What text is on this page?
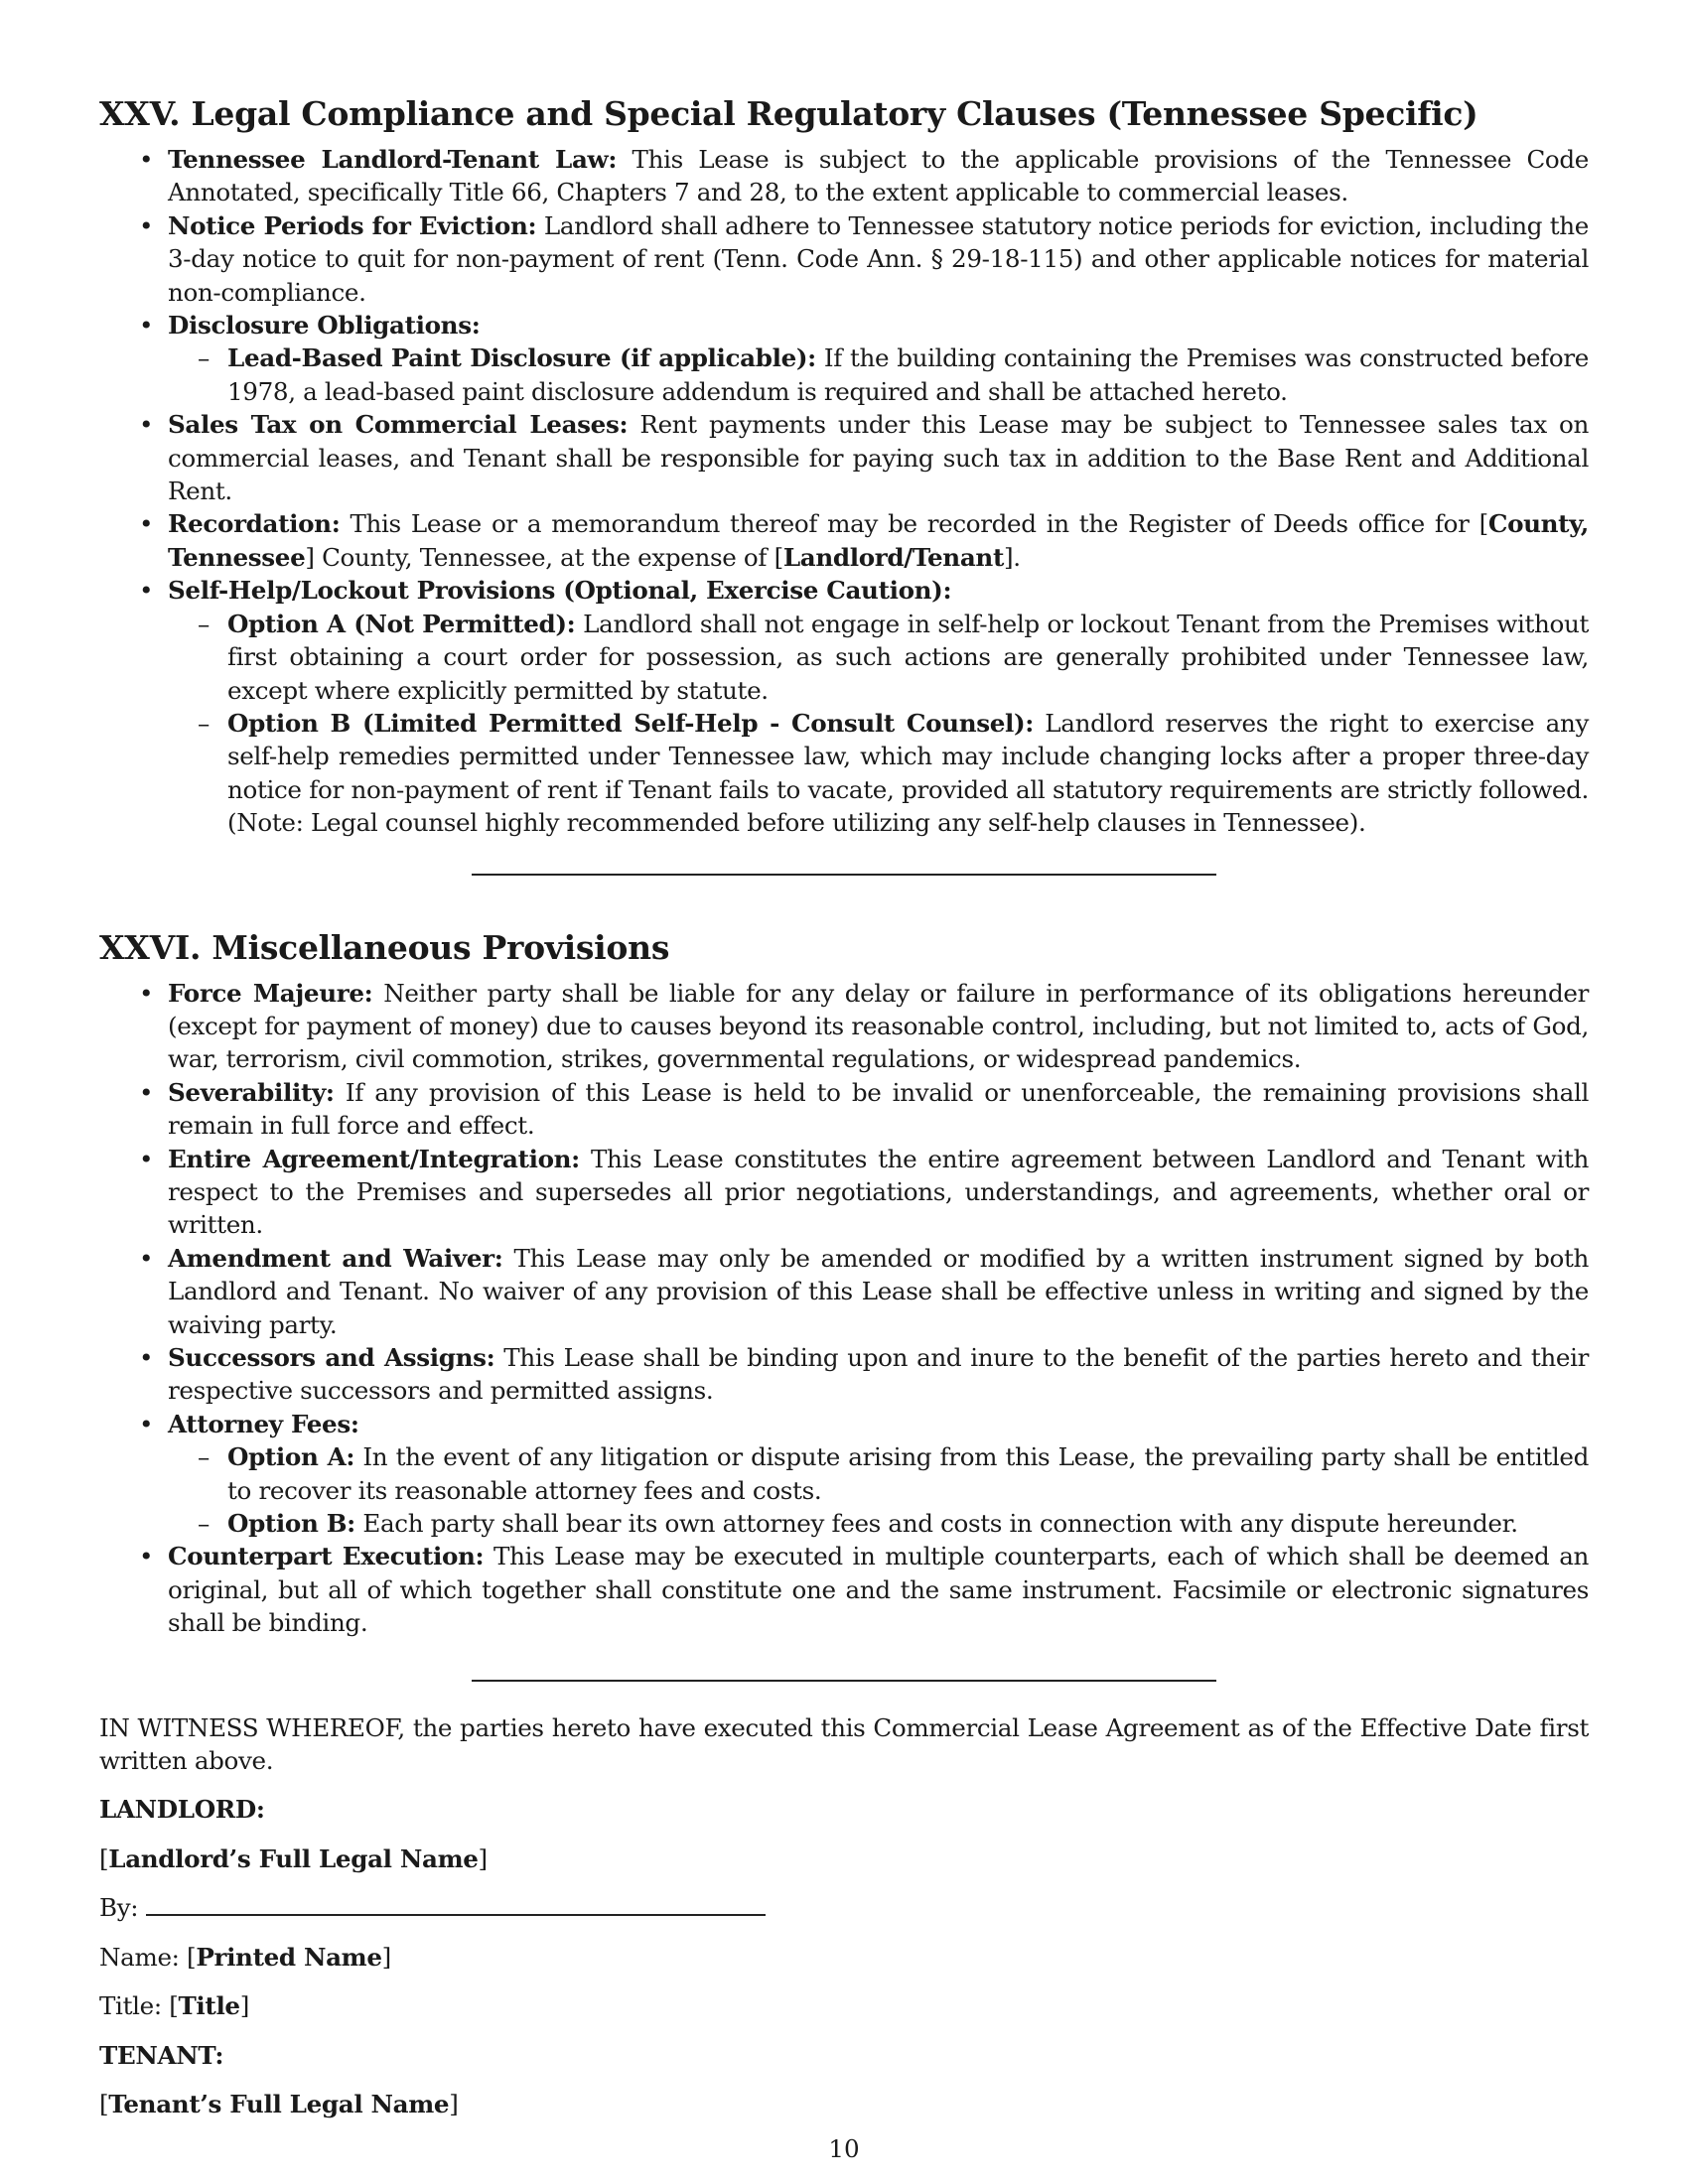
XXV. Legal Compliance and Special Regulatory Clauses (Tennessee Specific)
• Tennessee Landlord-Tenant Law: This Lease is subject to the applicable provisions of the Tennessee Code Annotated, specifically Title 66, Chapters 7 and 28, to the extent applicable to commercial leases.
• Notice Periods for Eviction: Landlord shall adhere to Tennessee statutory notice periods for eviction, including the 3-day notice to quit for non-payment of rent (Tenn. Code Ann. § 29-18-115) and other applicable notices for material non-compliance.
• Disclosure Obligations:
– Lead-Based Paint Disclosure (if applicable): If the building containing the Premises was constructed before 1978, a lead-based paint disclosure addendum is required and shall be attached hereto.
• Sales Tax on Commercial Leases: Rent payments under this Lease may be subject to Tennessee sales tax on commercial leases, and Tenant shall be responsible for paying such tax in addition to the Base Rent and Additional Rent.
• Recordation: This Lease or a memorandum thereof may be recorded in the Register of Deeds office for [County, Tennessee] County, Tennessee, at the expense of [Landlord/Tenant].
• Self-Help/Lockout Provisions (Optional, Exercise Caution):
– Option A (Not Permitted): Landlord shall not engage in self-help or lockout Tenant from the Premises without first obtaining a court order for possession, as such actions are generally prohibited under Tennessee law, except where explicitly permitted by statute.
– Option B (Limited Permitted Self-Help - Consult Counsel): Landlord reserves the right to exercise any self-help remedies permitted under Tennessee law, which may include changing locks after a proper three-day notice for non-payment of rent if Tenant fails to vacate, provided all statutory requirements are strictly followed. (Note: Legal counsel highly recommended before utilizing any self-help clauses in Tennessee).
XXVI. Miscellaneous Provisions
• Force Majeure: Neither party shall be liable for any delay or failure in performance of its obligations hereunder (except for payment of money) due to causes beyond its reasonable control, including, but not limited to, acts of God, war, terrorism, civil commotion, strikes, governmental regulations, or widespread pandemics.
• Severability: If any provision of this Lease is held to be invalid or unenforceable, the remaining provisions shall remain in full force and effect.
• Entire Agreement/Integration: This Lease constitutes the entire agreement between Landlord and Tenant with respect to the Premises and supersedes all prior negotiations, understandings, and agreements, whether oral or written.
• Amendment and Waiver: This Lease may only be amended or modified by a written instrument signed by both Landlord and Tenant. No waiver of any provision of this Lease shall be effective unless in writing and signed by the waiving party.
• Successors and Assigns: This Lease shall be binding upon and inure to the benefit of the parties hereto and their respective successors and permitted assigns.
• Attorney Fees:
– Option A: In the event of any litigation or dispute arising from this Lease, the prevailing party shall be entitled to recover its reasonable attorney fees and costs.
– Option B: Each party shall bear its own attorney fees and costs in connection with any dispute hereunder.
• Counterpart Execution: This Lease may be executed in multiple counterparts, each of which shall be deemed an original, but all of which together shall constitute one and the same instrument. Facsimile or electronic signatures shall be binding.

IN WITNESS WHEREOF, the parties hereto have executed this Commercial Lease Agreement as of the Effective Date first written above.

LANDLORD:

[Landlord’s Full Legal Name]

By:

Name: [Printed Name]

Title: [Title]

TENANT:

[Tenant’s Full Legal Name]

10
